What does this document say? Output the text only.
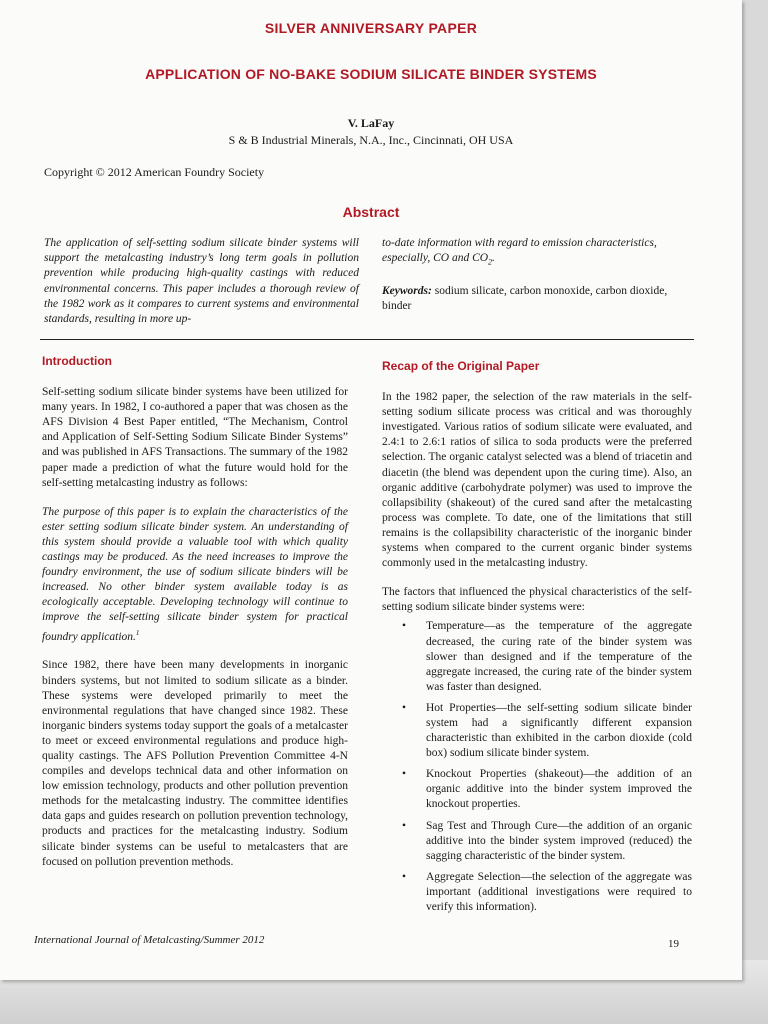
SILVER ANNIVERSARY PAPER
APPLICATION OF NO-BAKE SODIUM SILICATE BINDER SYSTEMS
V. LaFay
S & B Industrial Minerals, N.A., Inc., Cincinnati, OH USA
Copyright © 2012 American Foundry Society
Abstract
The application of self-setting sodium silicate binder systems will support the metalcasting industry’s long term goals in pollution prevention while producing high-quality castings with reduced environmental concerns. This paper includes a thorough review of the 1982 work as it compares to current systems and environmental standards, resulting in more up-
to-date information with regard to emission characteristics, especially, CO and $CO_2$.
Keywords: sodium silicate, carbon monoxide, carbon dioxide, binder
Introduction

Self-setting sodium silicate binder systems have been utilized for many years. In 1982, I co-authored a paper that was chosen as the AFS Division 4 Best Paper entitled, “The Mechanism, Control and Application of Self-Setting Sodium Silicate Binder Systems” and was published in AFS Transactions. The summary of the 1982 paper made a prediction of what the future would hold for the self-setting metalcasting industry as follows:

The purpose of this paper is to explain the characteristics of the ester setting sodium silicate binder system. An understanding of this system should provide a valuable tool with which quality castings may be produced. As the need increases to improve the foundry environment, the use of sodium silicate binders will be increased. No other binder system available today is as ecologically acceptable. Developing technology will continue to improve the self-setting silicate binder system for practical foundry application.$^1$

Since 1982, there have been many developments in inorganic binders systems, but not limited to sodium silicate as a binder. These systems were developed primarily to meet the environmental regulations that have changed since 1982. These inorganic binders systems today support the goals of a metalcaster to meet or exceed environmental regulations and produce high-quality castings. The AFS Pollution Prevention Committee 4-N compiles and develops technical data and other information on low emission technology, products and other pollution prevention methods for the metalcasting industry. The committee identifies data gaps and guides research on pollution prevention technology, products and practices for the metalcasting industry. Sodium silicate binder systems can be useful to metalcasters that are focused on pollution prevention methods.

Recap of the Original Paper

In the 1982 paper, the selection of the raw materials in the self-setting sodium silicate process was critical and was thoroughly investigated. Various ratios of sodium silicate were evaluated, and 2.4:1 to 2.6:1 ratios of silica to soda products were the preferred selection. The organic catalyst selected was a blend of triacetin and diacetin (the blend was dependent upon the curing time). Also, an organic additive (carbohydrate polymer) was used to improve the collapsibility (shakeout) of the cured sand after the metalcasting process was complete. To date, one of the limitations that still remains is the collapsibility characteristic of the inorganic binder systems when compared to the current organic binder systems commonly used in the metalcasting industry.

The factors that influenced the physical characteristics of the self-setting sodium silicate binder systems were:

• Temperature—as the temperature of the aggregate decreased, the curing rate of the binder system was slower than designed and if the temperature of the aggregate increased, the curing rate of the binder system was faster than designed.
• Hot Properties—the self-setting sodium silicate binder system had a significantly different expansion characteristic than exhibited in the carbon dioxide (cold box) sodium silicate binder system.
• Knockout Properties (shakeout)—the addition of an organic additive into the binder system improved the knockout properties.
• Sag Test and Through Cure—the addition of an organic additive into the binder system improved (reduced) the sagging characteristic of the binder system.
• Aggregate Selection—the selection of the aggregate was important (additional investigations were required to verify this information).
International Journal of Metalcasting/Summer 2012	19
